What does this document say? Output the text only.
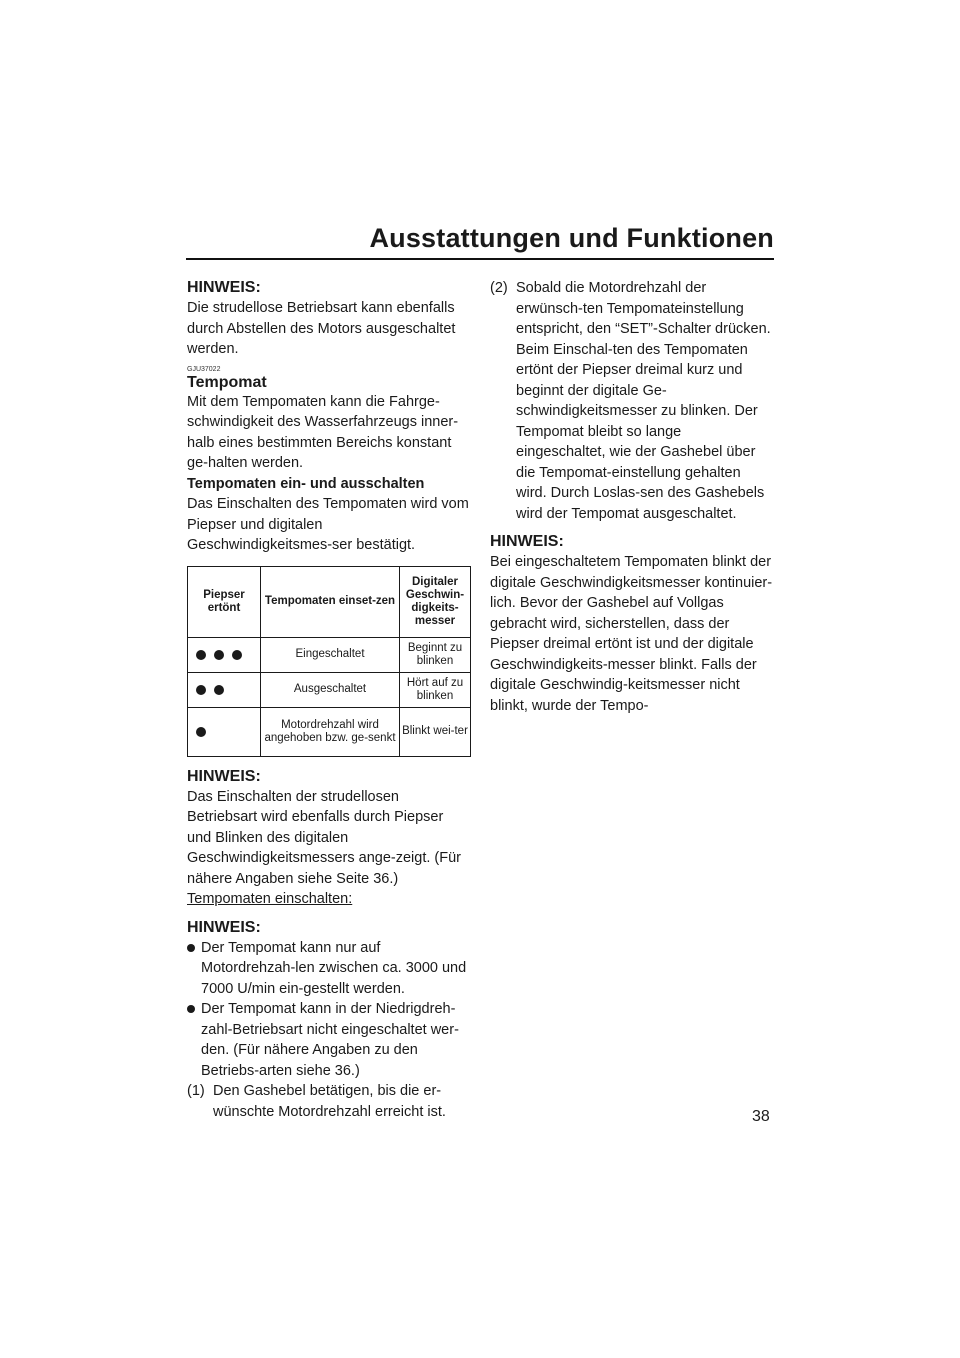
Ausstattungen und Funktionen

HINWEIS:

Die strudellose Betriebsart kann ebenfalls durch Abstellen des Motors ausgeschaltet werden.

GJU37022

Tempomat

Mit dem Tempomaten kann die Fahrge-schwindigkeit des Wasserfahrzeugs inner-halb eines bestimmten Bereichs konstant ge-halten werden.

Tempomaten ein- und ausschalten

Das Einschalten des Tempomaten wird vom Piepser und digitalen Geschwindigkeitsmes-ser bestätigt.

Piepser ertönt	Tempomaten einset-zen	Digitaler Geschwin-digkeits-messer

	Eingeschaltet	Beginnt zu blinken

	Ausgeschaltet	Hört auf zu blinken

	Motordrehzahl wird angehoben bzw. ge-senkt	Blinkt wei-ter

HINWEIS:

Das Einschalten der strudellosen Betriebsart wird ebenfalls durch Piepser und Blinken des digitalen Geschwindigkeitsmessers ange-zeigt. (Für nähere Angaben siehe Seite 36.)

Tempomaten einschalten:

HINWEIS:

Der Tempomat kann nur auf Motordrehzah-len zwischen ca. 3000 und 7000 U/min ein-gestellt werden.
Der Tempomat kann in der Niedrigdreh-zahl-Betriebsart nicht eingeschaltet wer-den. (Für nähere Angaben zu den Betriebs-arten siehe 36.)
(1) Den Gashebel betätigen, bis die er-wünschte Motordrehzahl erreicht ist.
(2) Sobald die Motordrehzahl der erwünsch-ten Tempomateinstellung entspricht, den “SET”-Schalter drücken. Beim Einschal-ten des Tempomaten ertönt der Piepser dreimal kurz und beginnt der digitale Ge-schwindigkeitsmesser zu blinken. Der Tempomat bleibt so lange eingeschaltet, wie der Gashebel über die Tempomat-einstellung gehalten wird. Durch Loslas-sen des Gashebels wird der Tempomat ausgeschaltet.

HINWEIS:

Bei eingeschaltetem Tempomaten blinkt der digitale Geschwindigkeitsmesser kontinuier-lich. Bevor der Gashebel auf Vollgas gebracht wird, sicherstellen, dass der Piepser dreimal ertönt ist und der digitale Geschwindigkeits-messer blinkt. Falls der digitale Geschwindig-keitsmesser nicht blinkt, wurde der Tempo-

38
